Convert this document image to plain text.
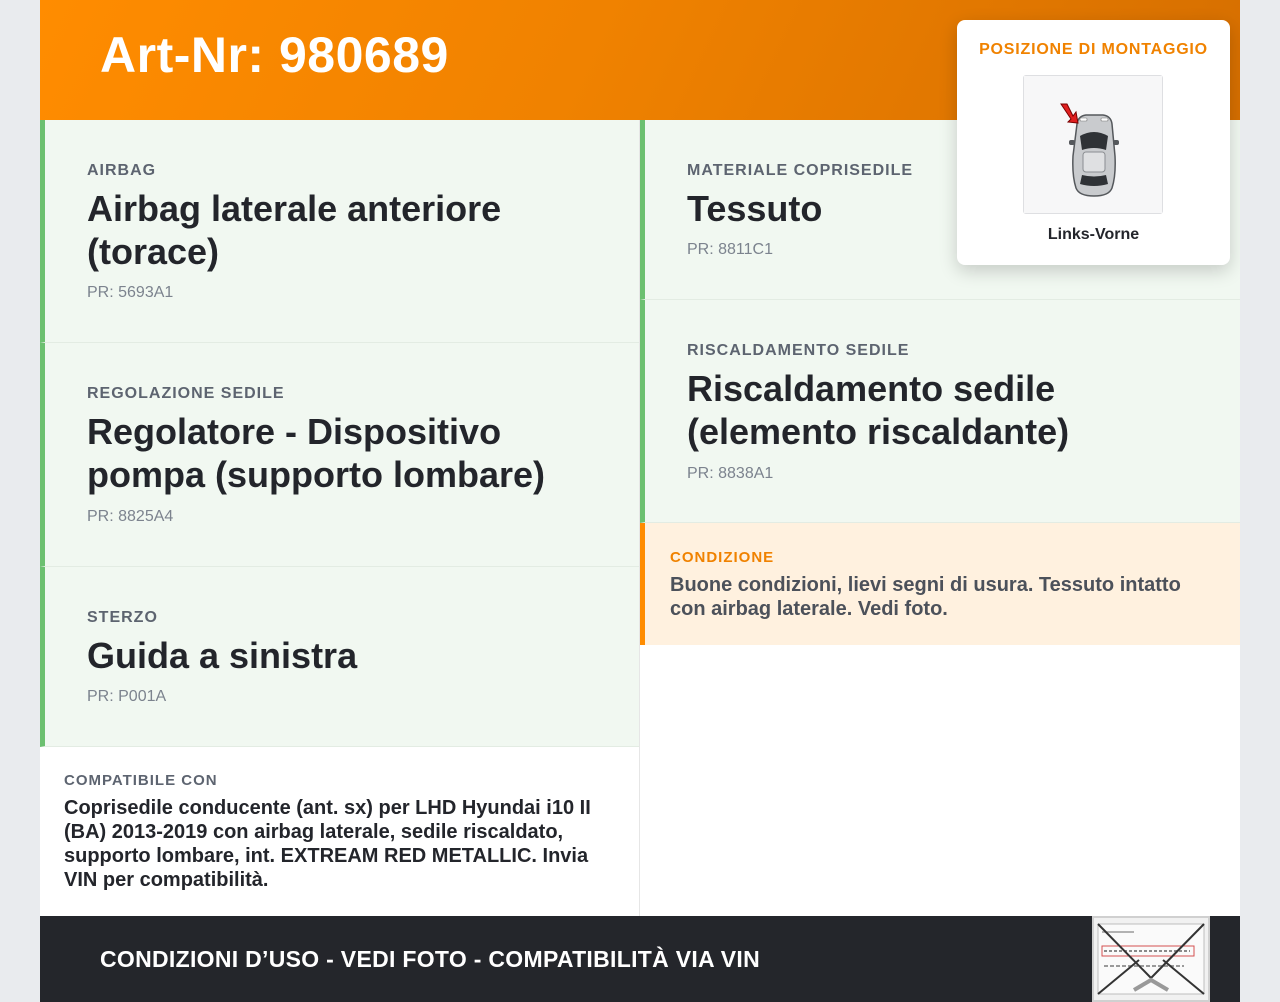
Art-Nr: 980689
AIRBAG
Airbag laterale anteriore (torace)
PR: 5693A1
REGOLAZIONE SEDILE
Regolatore - Dispositivo pompa (supporto lombare)
PR: 8825A4
STERZO
Guida a sinistra
PR: P001A
COMPATIBILE CON
Coprisedile conducente (ant. sx) per LHD Hyundai i10 II (BA) 2013-2019 con airbag laterale, sedile riscaldato, supporto lombare, int. EXTREAM RED METALLIC. Invia VIN per compatibilità.
MATERIALE COPRISEDILE
Tessuto
PR: 8811C1
RISCALDAMENTO SEDILE
Riscaldamento sedile (elemento riscaldante)
PR: 8838A1
CONDIZIONE
Buone condizioni, lievi segni di usura. Tessuto intatto con airbag laterale. Vedi foto.
CONDIZIONI D’USO - VEDI FOTO - COMPATIBILITÀ VIA VIN
POSIZIONE DI MONTAGGIO
Links-Vorne
